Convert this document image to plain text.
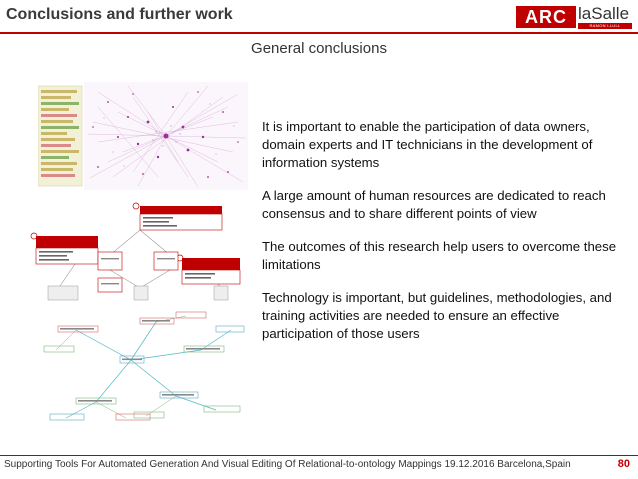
Conclusions and further work	ARC laSalle
RAMON LLULL
General conclusions

It is important to enable the participation of data owners, domain experts and IT technicians in the development of information systems

A large amount of human resources are dedicated to reach consensus and to share different points of view

The outcomes of this research help users to overcome these limitations

Technology is important, but guidelines, methodologies, and training activities are needed to ensure an effective participation of those users

Supporting Tools For Automated Generation And Visual Editing Of Relational-to-ontology Mappings 19.12.2016 Barcelona,Spain	80
